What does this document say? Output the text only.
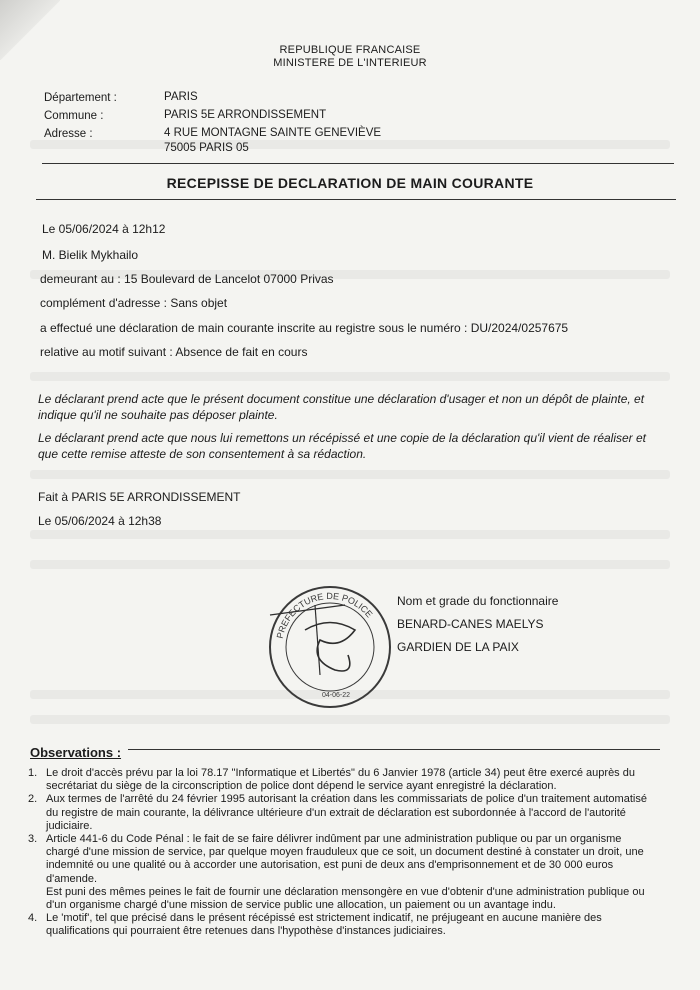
REPUBLIQUE FRANCAISE
MINISTERE DE L'INTERIEUR
Département :	PARIS
Commune :	PARIS 5E ARRONDISSEMENT
Adresse :	4 RUE MONTAGNE SAINTE GENEVIÈVE
75005 PARIS 05
RECEPISSE DE DECLARATION DE MAIN COURANTE
Le 05/06/2024 à 12h12
M. Bielik Mykhailo
demeurant au : 15 Boulevard de Lancelot 07000 Privas
complément d'adresse : Sans objet
a effectué une déclaration de main courante inscrite au registre sous le numéro : DU/2024/0257675
relative au motif suivant : Absence de fait en cours
Le déclarant prend acte que le présent document constitue une déclaration d'usager et non un dépôt de plainte, et indique qu'il ne souhaite pas déposer plainte.
Le déclarant prend acte que nous lui remettons un récépissé et une copie de la déclaration qu'il vient de réaliser et que cette remise atteste de son consentement à sa rédaction.
Fait à PARIS 5E ARRONDISSEMENT
Le 05/06/2024 à 12h38
PREFECTURE DE POLICE
04-06-22
Nom et grade du fonctionnaire
BENARD-CANES MAELYS
GARDIEN DE LA PAIX
Observations :
1. Le droit d'accès prévu par la loi 78.17 "Informatique et Libertés" du 6 Janvier 1978 (article 34) peut être exercé auprès du secrétariat du siège de la circonscription de police dont dépend le service ayant enregistré la déclaration.
2. Aux termes de l'arrêté du 24 février 1995 autorisant la création dans les commissariats de police d'un traitement automatisé du registre de main courante, la délivrance ultérieure d'un extrait de déclaration est subordonnée à l'accord de l'autorité judiciaire.
3. Article 441-6 du Code Pénal : le fait de se faire délivrer indûment par une administration publique ou par un organisme chargé d'une mission de service, par quelque moyen frauduleux que ce soit, un document destiné à constater un droit, une indemnité ou une qualité ou à accorder une autorisation, est puni de deux ans d'emprisonnement et de 30 000 euros d'amende.
Est puni des mêmes peines le fait de fournir une déclaration mensongère en vue d'obtenir d'une administration publique ou d'un organisme chargé d'une mission de service public une allocation, un paiement ou un avantage indu.
4. Le 'motif', tel que précisé dans le présent récépissé est strictement indicatif, ne préjugeant en aucune manière des qualifications qui pourraient être retenues dans l'hypothèse d'instances judiciaires.
